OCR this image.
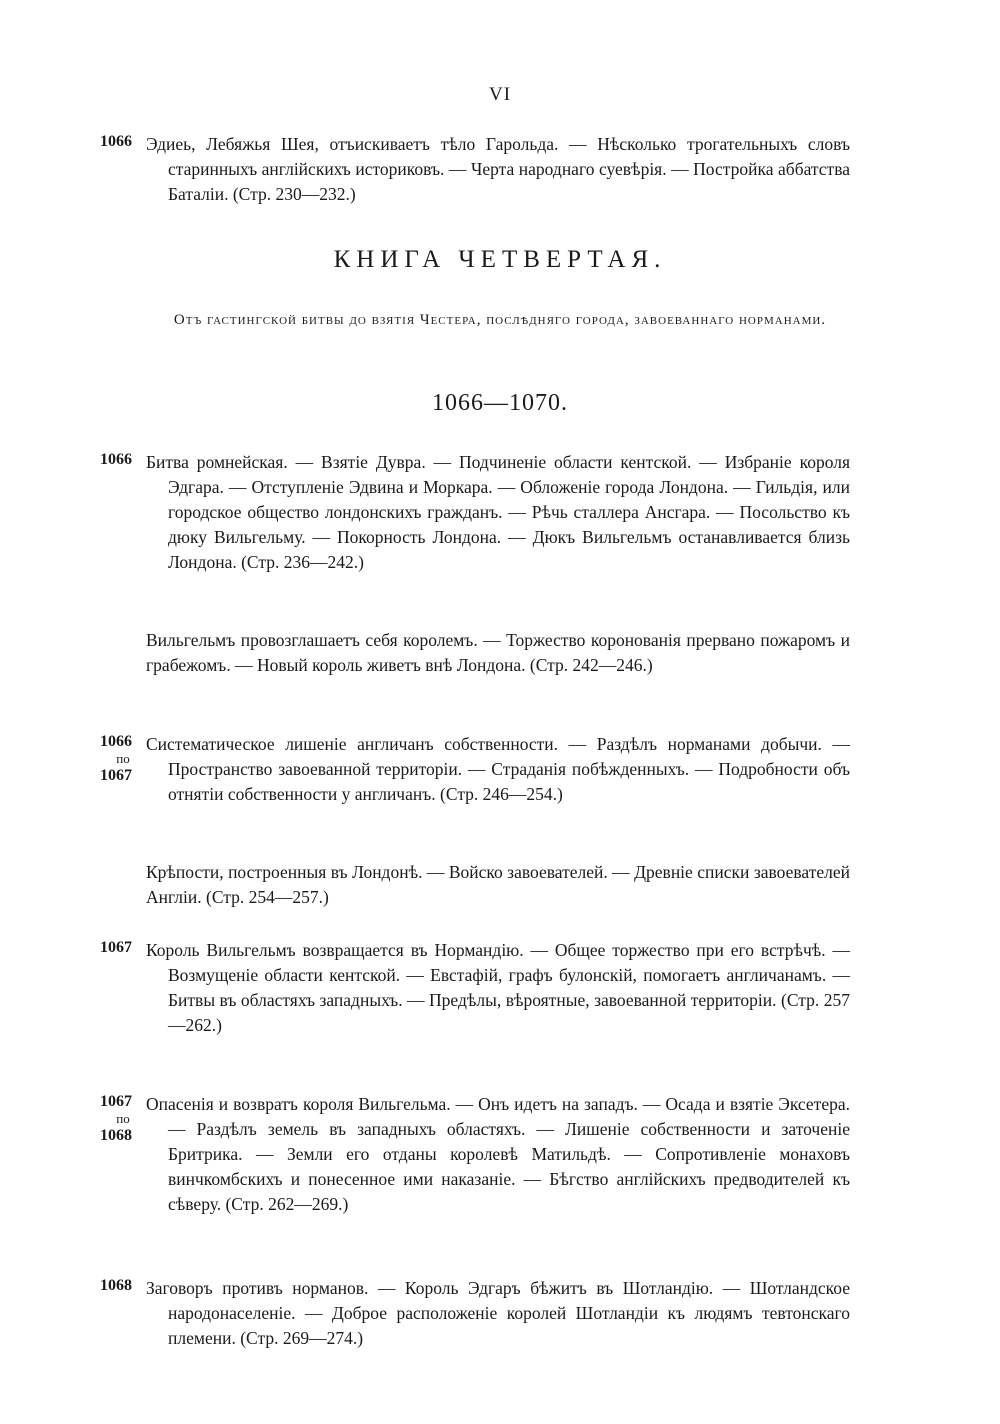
VI
1066 Эдиеь, Лебяжья Шея, отъискиваетъ тѣло Гарольда. — Нѣсколько трогательныхъ словъ старинныхъ англійскихъ историковъ. — Черта народнаго суевѣрія. — Постройка аббатства Баталіи. (Стр. 230—232.)
КНИГА ЧЕТВЕРТАЯ.
Отъ гастингской битвы до взятія Честера, послѣдняго города, завоеваннаго норманами.
1066—1070.
1066 Битва ромнейская. — Взятіе Дувра. — Подчиненіе области кентской. — Избраніе короля Эдгара. — Отступленіе Эдвина и Моркара. — Обложеніе города Лондона. — Гильдія, или городское общество лондонскихъ гражданъ. — Рѣчь сталлера Ансгара. — Посольство къ дюку Вильгельму. — Покорность Лондона. — Дюкъ Вильгельмъ останавливается близь Лондона. (Стр. 236—242.)
Вильгельмъ провозглашаетъ себя королемъ. — Торжество коронованія прервано пожаромъ и грабежомъ. — Новый король живетъ внѣ Лондона. (Стр. 242—246.)
1066
по
1067
Систематическое лишеніе англичанъ собственности. — Раздѣлъ норманами добычи. — Пространство завоеванной территоріи. — Страданія побѣжденныхъ. — Подробности объ отнятіи собственности у англичанъ. (Стр. 246—254.)
Крѣпости, построенныя въ Лондонѣ. — Войско завоевателей. — Древніе списки завоевателей Англіи. (Стр. 254—257.)
1067 Король Вильгельмъ возвращается въ Нормандію. — Общее торжество при его встрѣчѣ. — Возмущеніе области кентской. — Евстафій, графъ булонскій, помогаетъ англичанамъ. — Битвы въ областяхъ западныхъ. — Предѣлы, вѣроятные, завоеванной территоріи. (Стр. 257—262.)
1067
по
1068
Опасенія и возвратъ короля Вильгельма. — Онъ идетъ на западъ. — Осада и взятіе Эксетера. — Раздѣлъ земель въ западныхъ областяхъ. — Лишеніе собственности и заточеніе Бритрика. — Земли его отданы королевѣ Матильдѣ. — Сопротивленіе монаховъ винчкомбскихъ и понесенное ими наказаніе. — Бѣгство англійскихъ предводителей къ сѣверу. (Стр. 262—269.)
1068 Заговоръ противъ норманов. — Король Эдгаръ бѣжитъ въ Шотландію. — Шотландское народонаселеніе. — Доброе расположеніе королей Шотландіи къ людямъ тевтонскаго племени. (Стр. 269—274.)
